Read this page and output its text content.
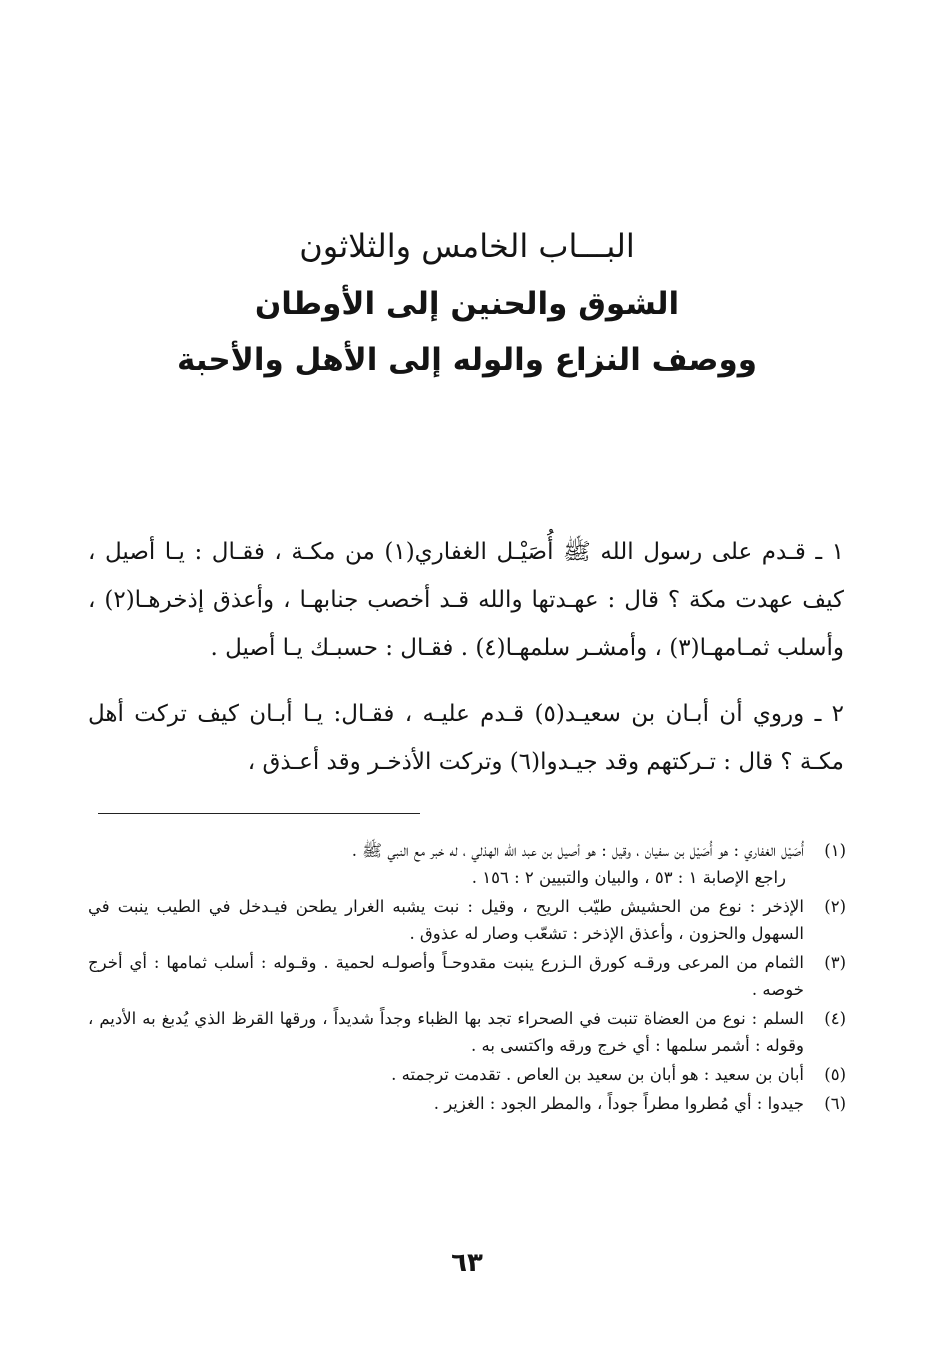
البـــاب الخامس والثلاثون
الشوق والحنين إلى الأوطان
ووصف النزاع والوله إلى الأهل والأحبة

١ ـ قـدم على رسول الله ﷺ أُصَيْـل الغفاري(١) من مكـة ، فقـال : يـا أصيل ، كيف عهدت مكة ؟ قال : عهـدتها والله قـد أخصب جنابهـا ، وأعذق إذخرهـا(٢) ، وأسلب ثمـامهـا(٣) ، وأمشـر سلمهـا(٤) . فقـال : حسبـك يـا أصيل .

٢ ـ وروي أن أبـان بن سعيـد(٥) قـدم عليـه ، فقـال: يـا أبـان كيف تركت أهل مكـة ؟ قال : تـركتهم وقد جيـدوا(٦) وتركت الأذخـر وقد أعـذق ،

(١)
أُصَيْل الغفاري : هو أُصَيْل بن سفيان ، وقيل : هو أصيل بن عبد الله الهذلي ، له خبر مع النبي ﷺ .
راجع الإصابة ١ : ٥٣ ، والبيان والتبيين ٢ : ١٥٦ .
(٢)
الإذخر : نوع من الحشيش طيّب الريح ، وقيل : نبت يشبه الغرار يطحن فيـدخل في الطيب ينبت في السهول والحزون ، وأعذق الإذخر : تشعّب وصار له عذوق .
(٣)
الثمام من المرعى ورقـه كورق الـزرع ينبت مقدوحـاً وأصولـه لحمية . وقـوله : أسلب ثمامها : أي أخرج خوصه .
(٤)
السلم : نوع من العضاة تنبت في الصحراء تجد بها الظباء وجداً شديداً ، ورقها القرظ الذي يُدبغ به الأديم ، وقوله : أشمر سلمها : أي خرج ورقه واكتسى به .
(٥)
أبان بن سعيد : هو أبان بن سعيد بن العاص . تقدمت ترجمته .
(٦)
جيدوا : أي مُطروا مطراً جوداً ، والمطر الجود : الغزير .
٦٣
